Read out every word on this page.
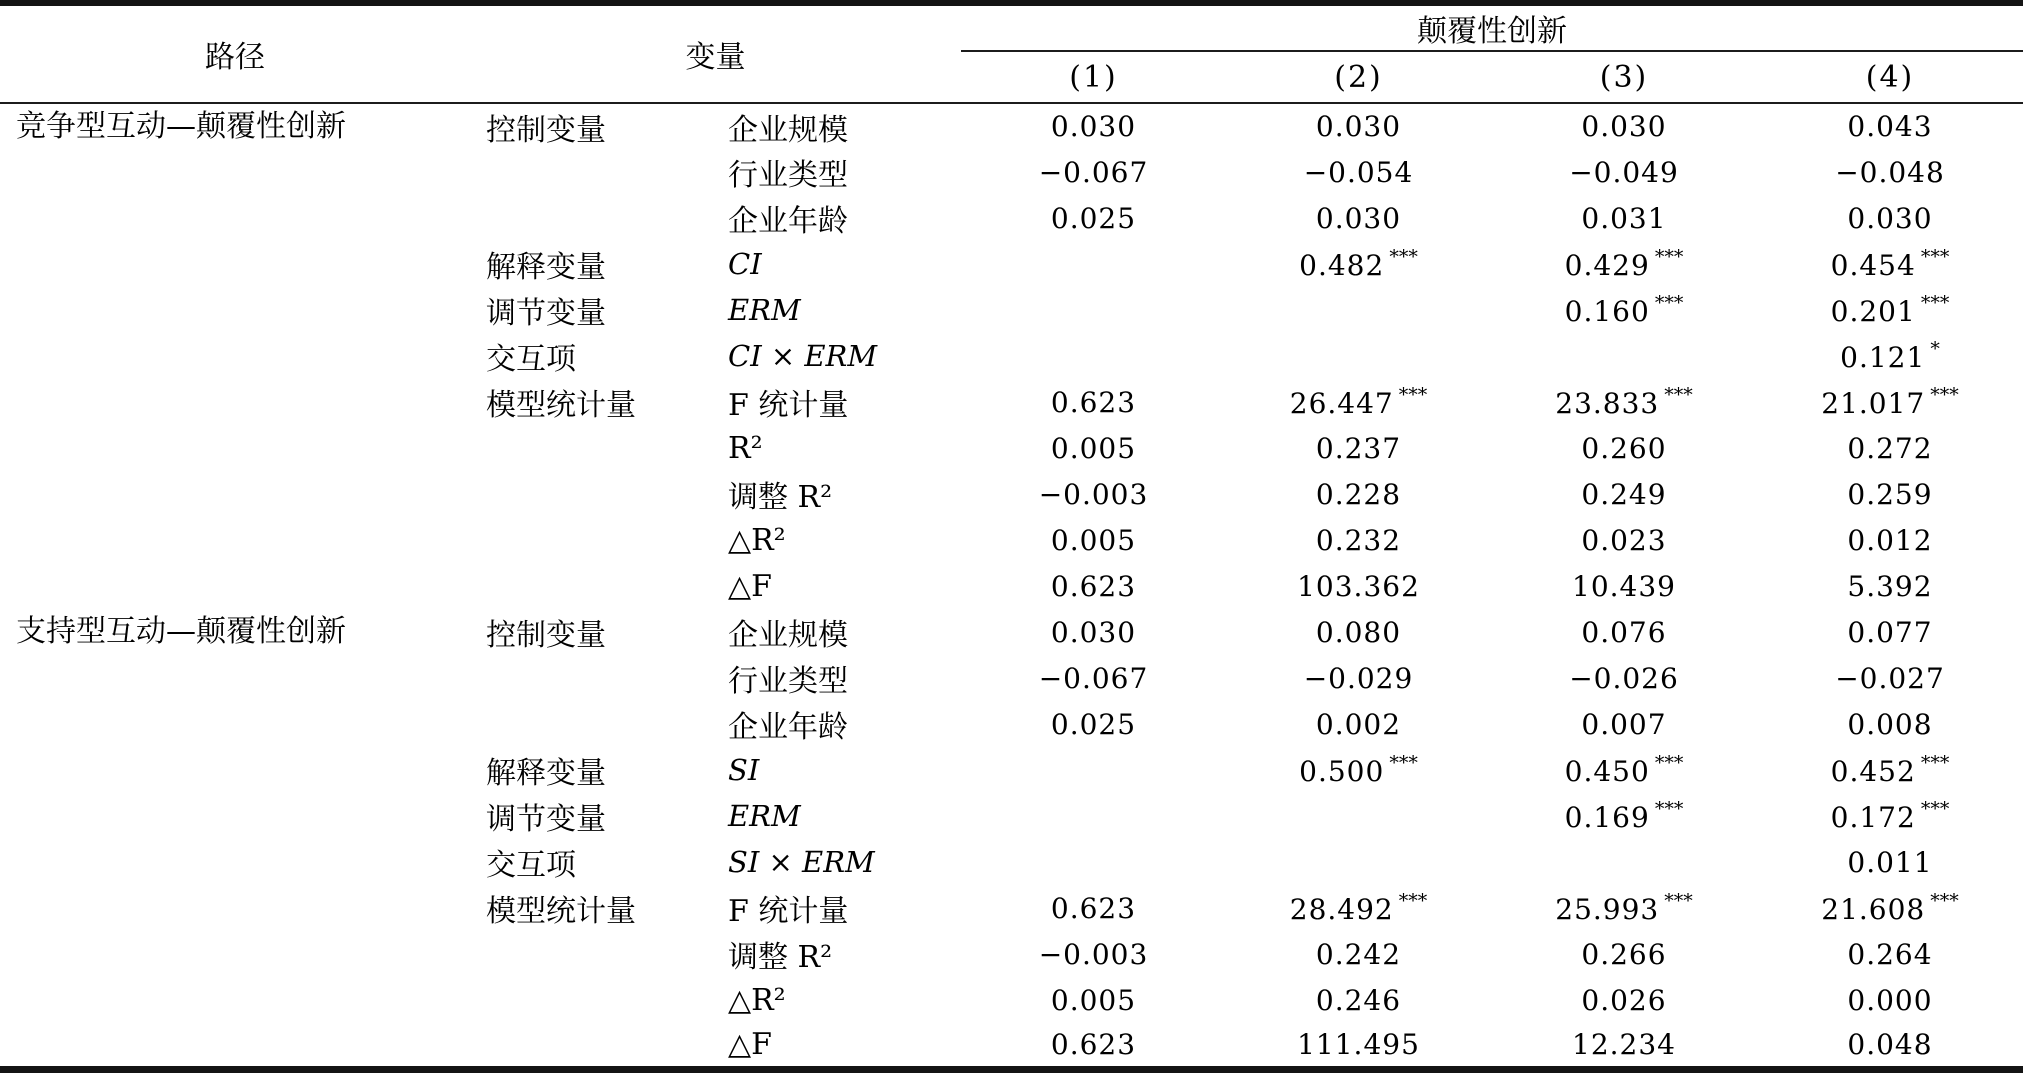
路径	变量		颠覆性创新			
			(1)	(2)	(3)	(4)
竞争型互动—颠覆性创新	控制变量	企业规模	0.030	0.030	0.030	0.043
		行业类型	−0.067	−0.054	−0.049	−0.048
		企业年龄	0.025	0.030	0.031	0.030
	解释变量	CI		0.482 ***	0.429 ***	0.454 ***
	调节变量	ERM			0.160 ***	0.201 ***
	交互项	CI × ERM				0.121 *
	模型统计量	F 统计量	0.623	26.447 ***	23.833 ***	21.017 ***
		R²	0.005	0.237	0.260	0.272
		调整 R²	−0.003	0.228	0.249	0.259
		△R²	0.005	0.232	0.023	0.012
		△F	0.623	103.362	10.439	5.392
支持型互动—颠覆性创新	控制变量	企业规模	0.030	0.080	0.076	0.077
		行业类型	−0.067	−0.029	−0.026	−0.027
		企业年龄	0.025	0.002	0.007	0.008
	解释变量	SI		0.500 ***	0.450 ***	0.452 ***
	调节变量	ERM			0.169 ***	0.172 ***
	交互项	SI × ERM				0.011
	模型统计量	F 统计量	0.623	28.492 ***	25.993 ***	21.608 ***
		调整 R²	−0.003	0.242	0.266	0.264
		△R²	0.005	0.246	0.026	0.000
		△F	0.623	111.495	12.234	0.048
